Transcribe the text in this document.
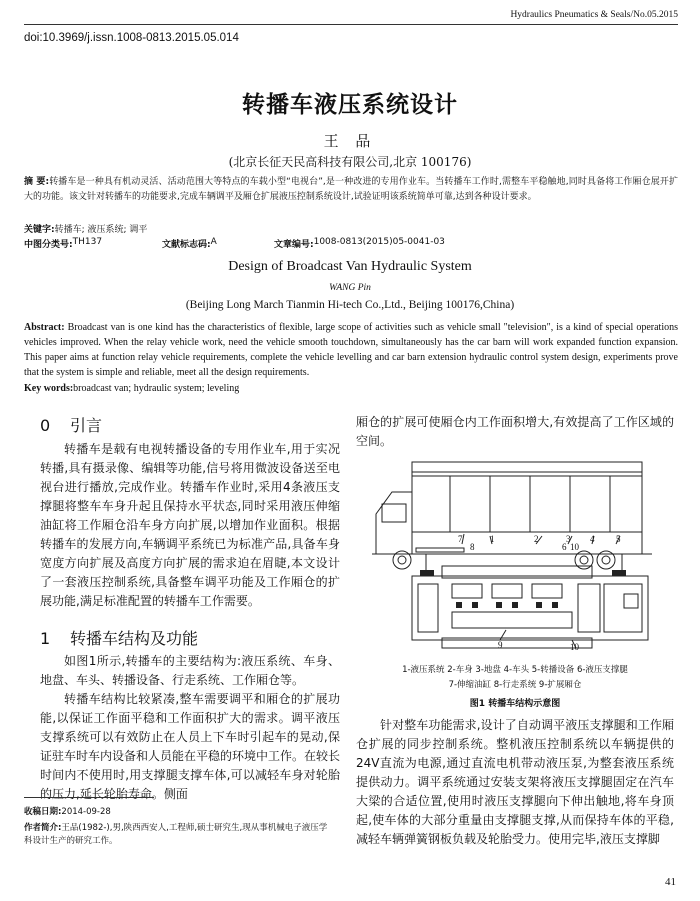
Hydraulics Pneumatics & Seals/No.05.2015
doi:10.3969/j.issn.1008-0813.2015.05.014
转播车液压系统设计
王 品
(北京长征天民高科技有限公司,北京 100176)
摘 要:转播车是一种具有机动灵活、活动范围大等特点的车载小型“电视台”,是一种改进的专用作业车。当转播车工作时,需整车平稳触地,同时具备将工作厢仓展开扩大的功能。该文针对转播车的功能要求,完成车辆调平及厢仓扩展液压控制系统设计,试验证明该系统简单可靠,达到各种设计要求。
关键字:转播车; 液压系统; 调平
中图分类号: TH137	文献标志码: A	文章编号: 1008-0813(2015)05-0041-03
Design of Broadcast Van Hydraulic System
WANG Pin
(Beijing Long March Tianmin Hi-tech Co.,Ltd., Beijing 100176,China)
Abstract: Broadcast van is one kind has the characteristics of flexible, large scope of activities such as vehicle small "television", is a kind of special operations vehicles improved. When the relay vehicle work, need the vehicle smooth touchdown, simultaneously has the car barn will work expanded function expansion. This paper aims at function relay vehicle requirements, complete the vehicle levelling and car barn extension hydraulic control system design, experiments prove that the system is simple and reliable, meet all the design requirements.
Key words:broadcast van; hydraulic system; leveling
0 引言

转播车是载有电视转播设备的专用作业车,用于实况转播,具有摄录像、编辑等功能,信号将用微波设备送至电视台进行播放,完成作业。转播车作业时,采用4条液压支撑腿将整车车身升起且保持水平状态,同时采用液压伸缩油缸将工作厢仓沿车身方向扩展,以增加作业面积。根据转播车的发展方向,车辆调平系统已为标准产品,具备车身宽度方向扩展及高度方向扩展的需求迫在眉睫,本文设计了一套液压控制系统,具备整车调平功能及工作厢仓的扩展功能,满足标准配置的转播车工作需要。

1 转播车结构及功能

如图1所示,转播车的主要结构为:液压系统、车身、地盘、车头、转播设备、行走系统、工作厢仓等。

转播车结构比较紧凑,整车需要调平和厢仓的扩展功能,以保证工作面平稳和工作面积扩大的需求。调平液压支撑系统可以有效防止在人员上下车时引起车的晃动,保证驻车时车内设备和人员能在平稳的环境中工作。在较长时间内不使用时,用支撑腿支撑车体,可以减轻车身对轮胎的压力,延长轮胎寿命。侧面

收稿日期:2014-09-28
作者简介:王品(1982-),男,陕西西安人,工程师,硕士研究生,现从事机械电子液压学科设计生产的研究工作。

厢仓的扩展可使厢仓内工作面积增大,有效提高了工作区域的空间。

7	1	2	3 4 5
8	6 10
9	10
1-液压系统 2-车身 3-地盘 4-车头 5-转播设备 6-液压支撑腿
7-伸缩油缸 8-行走系统 9-扩展厢仓
图1 转播车结构示意图

针对整车功能需求,设计了自动调平液压支撑腿和工作厢仓扩展的同步控制系统。整机液压控制系统以车辆提供的24V直流为电源,通过直流电机带动液压泵,为整套液压系统提供动力。调平系统通过安装支架将液压支撑腿固定在汽车大梁的合适位置,使用时液压支撑腿向下伸出触地,将车身顶起,使车体的大部分重量由支撑腿支撑,从而保持车体的平稳,减轻车辆弹簧钢板负载及轮胎受力。使用完毕,液压支撑脚

41
